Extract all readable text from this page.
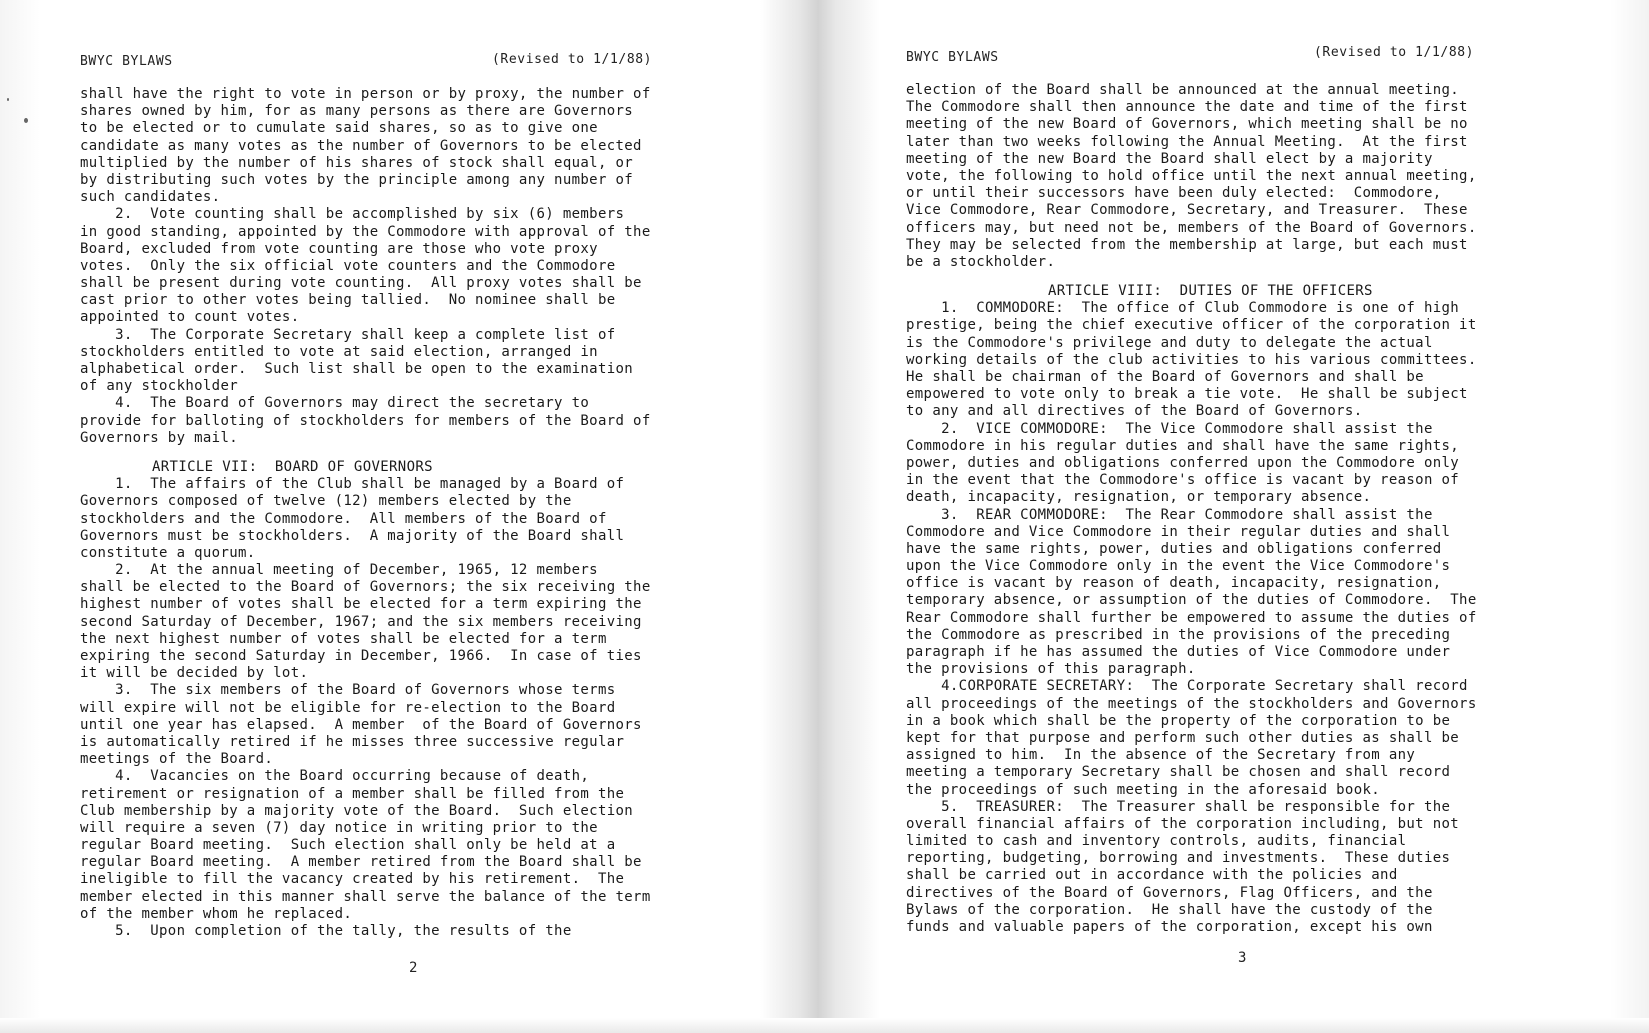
BWYC BYLAWS	(Revised to 1/1/88)
shall have the right to vote in person or by proxy, the number of
shares owned by him, for as many persons as there are Governors
to be elected or to cumulate said shares, so as to give one
candidate as many votes as the number of Governors to be elected
multiplied by the number of his shares of stock shall equal, or
by distributing such votes by the principle among any number of
such candidates.
2.  Vote counting shall be accomplished by six (6) members
in good standing, appointed by the Commodore with approval of the
Board, excluded from vote counting are those who vote proxy
votes.  Only the six official vote counters and the Commodore
shall be present during vote counting.  All proxy votes shall be
cast prior to other votes being tallied.  No nominee shall be
appointed to count votes.
3.  The Corporate Secretary shall keep a complete list of
stockholders entitled to vote at said election, arranged in
alphabetical order.  Such list shall be open to the examination
of any stockholder
4.  The Board of Governors may direct the secretary to
provide for balloting of stockholders for members of the Board of
Governors by mail.
ARTICLE VII:  BOARD OF GOVERNORS
1.  The affairs of the Club shall be managed by a Board of
Governors composed of twelve (12) members elected by the
stockholders and the Commodore.  All members of the Board of
Governors must be stockholders.  A majority of the Board shall
constitute a quorum.
2.  At the annual meeting of December, 1965, 12 members
shall be elected to the Board of Governors; the six receiving the
highest number of votes shall be elected for a term expiring the
second Saturday of December, 1967; and the six members receiving
the next highest number of votes shall be elected for a term
expiring the second Saturday in December, 1966.  In case of ties
it will be decided by lot.
3.  The six members of the Board of Governors whose terms
will expire will not be eligible for re-election to the Board
until one year has elapsed.  A member  of the Board of Governors
is automatically retired if he misses three successive regular
meetings of the Board.
4.  Vacancies on the Board occurring because of death,
retirement or resignation of a member shall be filled from the
Club membership by a majority vote of the Board.  Such election
will require a seven (7) day notice in writing prior to the
regular Board meeting.  Such election shall only be held at a
regular Board meeting.  A member retired from the Board shall be
ineligible to fill the vacancy created by his retirement.  The
member elected in this manner shall serve the balance of the term
of the member whom he replaced.
5.  Upon completion of the tally, the results of the
2
BWYC BYLAWS	(Revised to 1/1/88)
election of the Board shall be announced at the annual meeting.
The Commodore shall then announce the date and time of the first
meeting of the new Board of Governors, which meeting shall be no
later than two weeks following the Annual Meeting.  At the first
meeting of the new Board the Board shall elect by a majority
vote, the following to hold office until the next annual meeting,
or until their successors have been duly elected:  Commodore,
Vice Commodore, Rear Commodore, Secretary, and Treasurer.  These
officers may, but need not be, members of the Board of Governors.
They may be selected from the membership at large, but each must
be a stockholder.
ARTICLE VIII:  DUTIES OF THE OFFICERS
1.  COMMODORE:  The office of Club Commodore is one of high
prestige, being the chief executive officer of the corporation it
is the Commodore's privilege and duty to delegate the actual
working details of the club activities to his various committees.
He shall be chairman of the Board of Governors and shall be
empowered to vote only to break a tie vote.  He shall be subject
to any and all directives of the Board of Governors.
2.  VICE COMMODORE:  The Vice Commodore shall assist the
Commodore in his regular duties and shall have the same rights,
power, duties and obligations conferred upon the Commodore only
in the event that the Commodore's office is vacant by reason of
death, incapacity, resignation, or temporary absence.
3.  REAR COMMODORE:  The Rear Commodore shall assist the
Commodore and Vice Commodore in their regular duties and shall
have the same rights, power, duties and obligations conferred
upon the Vice Commodore only in the event the Vice Commodore's
office is vacant by reason of death, incapacity, resignation,
temporary absence, or assumption of the duties of Commodore.  The
Rear Commodore shall further be empowered to assume the duties of
the Commodore as prescribed in the provisions of the preceding
paragraph if he has assumed the duties of Vice Commodore under
the provisions of this paragraph.
4.CORPORATE SECRETARY:  The Corporate Secretary shall record
all proceedings of the meetings of the stockholders and Governors
in a book which shall be the property of the corporation to be
kept for that purpose and perform such other duties as shall be
assigned to him.  In the absence of the Secretary from any
meeting a temporary Secretary shall be chosen and shall record
the proceedings of such meeting in the aforesaid book.
5.  TREASURER:  The Treasurer shall be responsible for the
overall financial affairs of the corporation including, but not
limited to cash and inventory controls, audits, financial
reporting, budgeting, borrowing and investments.  These duties
shall be carried out in accordance with the policies and
directives of the Board of Governors, Flag Officers, and the
Bylaws of the corporation.  He shall have the custody of the
funds and valuable papers of the corporation, except his own
3
